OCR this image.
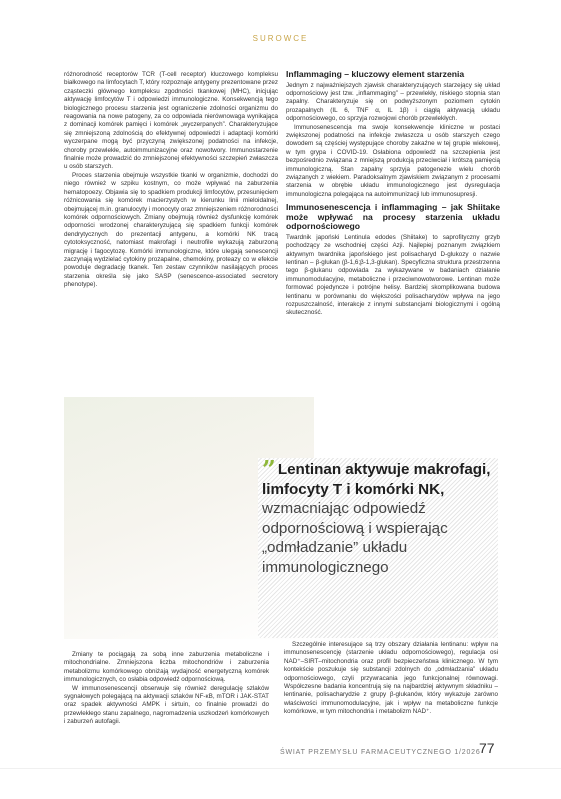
SUROWCE

różnorodność receptorów TCR (T-cell receptor) kluczowego kompleksu białkowego na limfocytach T, który rozpoznaje antygeny prezentowane przez cząsteczki głównego kompleksu zgodności tkankowej (MHC), inicjując aktywację limfocytów T i odpowiedzi immunologiczne. Konsekwencją tego biologicznego procesu starzenia jest ograniczenie zdolności organizmu do reagowania na nowe patogeny, za co odpowiada nierównowaga wynikająca z dominacji komórek pamięci i komórek „wyczerpanych”. Charakteryzujące się zmniejszoną zdolnością do efektywnej odpowiedzi i adaptacji komórki wyczerpane mogą być przyczyną zwiększonej podatności na infekcje, choroby przewlekłe, autoimmunizacyjne oraz nowotwory. Immunostarzenie finalnie może prowadzić do zmniejszonej efektywności szczepień zwłaszcza u osób starszych.

Proces starzenia obejmuje wszystkie tkanki w organizmie, dochodzi do niego również w szpiku kostnym, co może wpływać na zaburzenia hematopoezy. Objawia się to spadkiem produkcji limfocytów, przesunięciem różnicowania się komórek macierzystych w kierunku linii mieloidalnej, obejmującej m.in. granulocyty i monocyty oraz zmniejszeniem różnorodności komórek odpornościowych. Zmiany obejmują również dysfunkcję komórek odporności wrodzonej charakteryzującą się spadkiem funkcji komórek dendrytycznych do prezentacji antygenu, a komórki NK tracą cytotoksyczność, natomiast makrofagi i neutrofile wykazują zaburzoną migrację i fagocytozę. Komórki immunologiczne, które ulegają senescencji zaczynają wydzielać cytokiny prozapalne, chemokiny, proteazy co w efekcie powoduje degradację tkanek. Ten zestaw czynników nasilających proces starzenia określa się jako SASP (senescence-associated secretory phenotype).

Inflammaging – kluczowy element starzenia

Jednym z najważniejszych zjawisk charakteryzujących starzejący się układ odpornościowy jest tzw. „inflammaging” – przewlekły, niskiego stopnia stan zapalny. Charakteryzuje się on podwyższonym poziomem cytokin prozapalnych (IL 6, TNF α, IL 1β) i ciągłą aktywacją układu odpornościowego, co sprzyja rozwojowi chorób przewlekłych.

Immunosenescencja ma swoje konsekwencje kliniczne w postaci zwiększonej podatności na infekcje zwłaszcza u osób starszych czego dowodem są częściej występujące choroby zakaźne w tej grupie wiekowej, w tym grypa i COVID-19. Osłabiona odpowiedź na szczepienia jest bezpośrednio związana z mniejszą produkcją przeciwciał i krótszą pamięcią immunologiczną. Stan zapalny sprzyja patogenezie wielu chorób związanych z wiekiem. Paradoksalnym zjawiskiem związanym z procesami starzenia w obrębie układu immunologicznego jest dysregulacja immunologiczna polegająca na autoimmunizacji lub immunosupresji.

Immunosenescencja i inflammaging – jak Shiitake może wpływać na procesy starzenia układu odpornościowego

Twardnik japoński Lentinula edodes (Shiitake) to saprofityczny grzyb pochodzący ze wschodniej części Azji. Najlepiej poznanym związkiem aktywnym twardnika japońskiego jest polisacharyd D-glukozy o nazwie lentinan – β-glukan (β-1,6;β-1,3-glukan). Specyficzna struktura przestrzenna tego β-glukanu odpowiada za wykazywane w badaniach działanie immunomodulacyjne, metaboliczne i przeciwnowotworowe. Lentinan może formować pojedyncze i potrójne helisy. Bardziej skomplikowana budowa lentinanu w porównaniu do większości polisacharydów wpływa na jego rozpuszczalność, interakcje z innymi substancjami biologicznymi i ogólną skuteczność.

” Lentinan aktywuje makrofagi, limfocyty T i komórki NK, wzmacniając odpowiedź odpornościową i wspierając „odmładzanie” układu immunologicznego

Zmiany te pociągają za sobą inne zaburzenia metaboliczne i mitochondrialne. Zmniejszona liczba mitochondriów i zaburzenia metabolizmu komórkowego obniżają wydajność energetyczną komórek immunologicznych, co osłabia odpowiedź odpornościową.

W immunosenescencji obserwuje się również deregulację szlaków sygnałowych polegającą na aktywacji szlaków NF-κB, mTOR i JAK-STAT oraz spadek aktywności AMPK i sirtuin, co finalnie prowadzi do przewlekłego stanu zapalnego, nagromadzenia uszkodzeń komórkowych i zaburzeń autofagii.

Szczególnie interesujące są trzy obszary działania lentinanu: wpływ na immunosenescencję (starzenie układu odpornościowego), regulacja osi NAD⁺–SIRT–mitochondria oraz profil bezpieczeństwa klinicznego. W tym kontekście poszukuje się substancji zdolnych do „odmładzania” układu odpornościowego, czyli przywracania jego funkcjonalnej równowagi. Współczesne badania koncentrują się na najbardziej aktywnym składniku – lentinanie, polisacharydzie z grupy β-glukanów, który wykazuje zarówno właściwości immunomodulacyjne, jak i wpływ na metaboliczne funkcje komórkowe, w tym mitochondria i metabolizm NAD⁺.

ŚWIAT PRZEMYSŁU FARMACEUTYCZNEGO 1/2026
77
